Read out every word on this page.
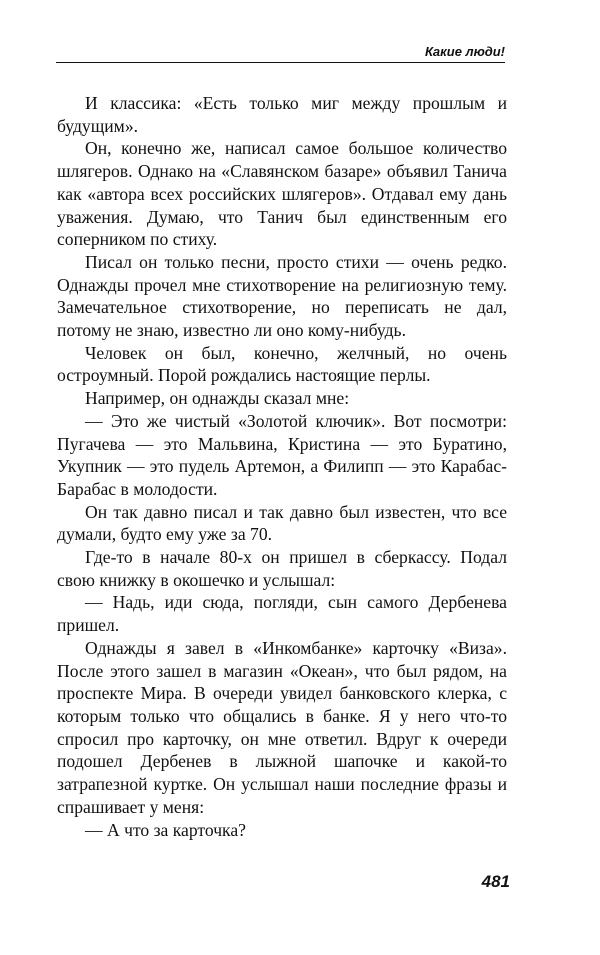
Какие люди!

И классика: «Есть только миг между прошлым и будущим».

Он, конечно же, написал самое большое количество шлягеров. Однако на «Славянском базаре» объявил Танича как «автора всех российских шлягеров». Отдавал ему дань уважения. Думаю, что Танич был единственным его соперником по стиху.

Писал он только песни, просто стихи — очень редко. Однажды прочел мне стихотворение на религиозную тему. Замечательное стихотворение, но переписать не дал, потому не знаю, известно ли оно кому-нибудь.

Человек он был, конечно, желчный, но очень остроумный. Порой рождались настоящие перлы.

Например, он однажды сказал мне:

— Это же чистый «Золотой ключик». Вот посмотри: Пугачева — это Мальвина, Кристина — это Буратино, Укупник — это пудель Артемон, а Филипп — это Карабас-Барабас в молодости.

Он так давно писал и так давно был известен, что все думали, будто ему уже за 70.

Где-то в начале 80-х он пришел в сберкассу. Подал свою книжку в окошечко и услышал:

— Надь, иди сюда, погляди, сын самого Дербенева пришел.

Однажды я завел в «Инкомбанке» карточку «Виза». После этого зашел в магазин «Океан», что был рядом, на проспекте Мира. В очереди увидел банковского клерка, с которым только что общались в банке. Я у него что-то спросил про карточку, он мне ответил. Вдруг к очереди подошел Дербенев в лыжной шапочке и какой-то затрапезной куртке. Он услышал наши последние фразы и спрашивает у меня:

— А что за карточка?

481
